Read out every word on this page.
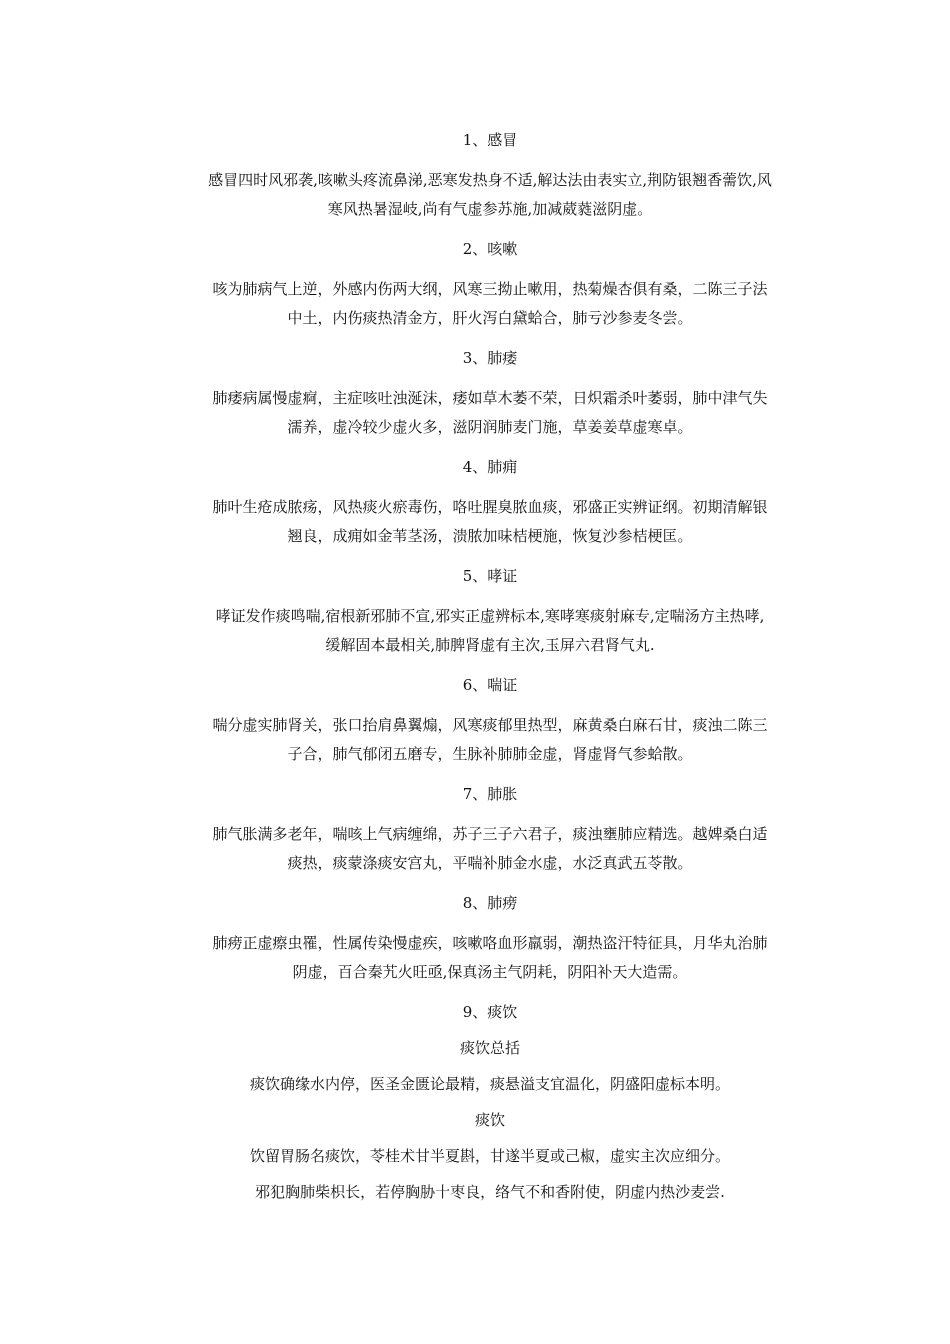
1、感冒
感冒四时风邪袭,咳嗽头疼流鼻涕,恶寒发热身不适,解达法由表实立,荆防银翘香薷饮,风
寒风热暑湿岐,尚有气虚参苏施,加减葳蕤滋阴虚。
2、咳嗽
咳为肺病气上逆，外感内伤两大纲，风寒三拗止嗽用，热菊燥杏俱有桑，二陈三子法
中土，内伤痰热清金方，肝火泻白黛蛤合，肺亏沙参麦冬尝。
3、肺痿
肺痿病属慢虚痾，主症咳吐浊涎沫，痿如草木萎不荣，日炽霜杀叶萎弱，肺中津气失
濡养，虚冷较少虚火多，滋阴润肺麦门施，草姜姜草虚寒卓。
4、肺痈
肺叶生疮成脓疡，风热痰火瘀毒伤，咯吐腥臭脓血痰，邪盛正实辨证纲。初期清解银
翘良，成痈如金苇茎汤，溃脓加味桔梗施，恢复沙参桔梗匡。
5、哮证
哮证发作痰鸣喘,宿根新邪肺不宣,邪实正虚辨标本,寒哮寒痰射麻专,定喘汤方主热哮,
缓解固本最相关,肺脾肾虚有主次,玉屏六君肾气丸.
6、喘证
喘分虚实肺肾关，张口抬肩鼻翼煽，风寒痰郁里热型，麻黄桑白麻石甘，痰浊二陈三
子合，肺气郁闭五磨专，生脉补肺肺金虚，肾虚肾气参蛤散。
7、肺胀
肺气胀满多老年，喘咳上气病缠绵，苏子三子六君子，痰浊壅肺应精选。越婢桑白适
痰热，痰蒙涤痰安宫丸，平喘补肺金水虚，水泛真武五苓散。
8、肺痨
肺痨正虚瘵虫罹，性属传染慢虚疾，咳嗽咯血形羸弱，潮热盗汗特征具，月华丸治肺
阴虚，百合秦艽火旺亟,保真汤主气阴耗，阴阳补天大造需。
9、痰饮
痰饮总括
痰饮确缘水内停，医圣金匮论最精，痰悬溢支宜温化，阴盛阳虚标本明。
痰饮
饮留胃肠名痰饮，苓桂术甘半夏斟，甘遂半夏或己椒，虚实主次应细分。
邪犯胸肺柴枳长，若停胸胁十枣良，络气不和香附使，阴虚内热沙麦尝.
